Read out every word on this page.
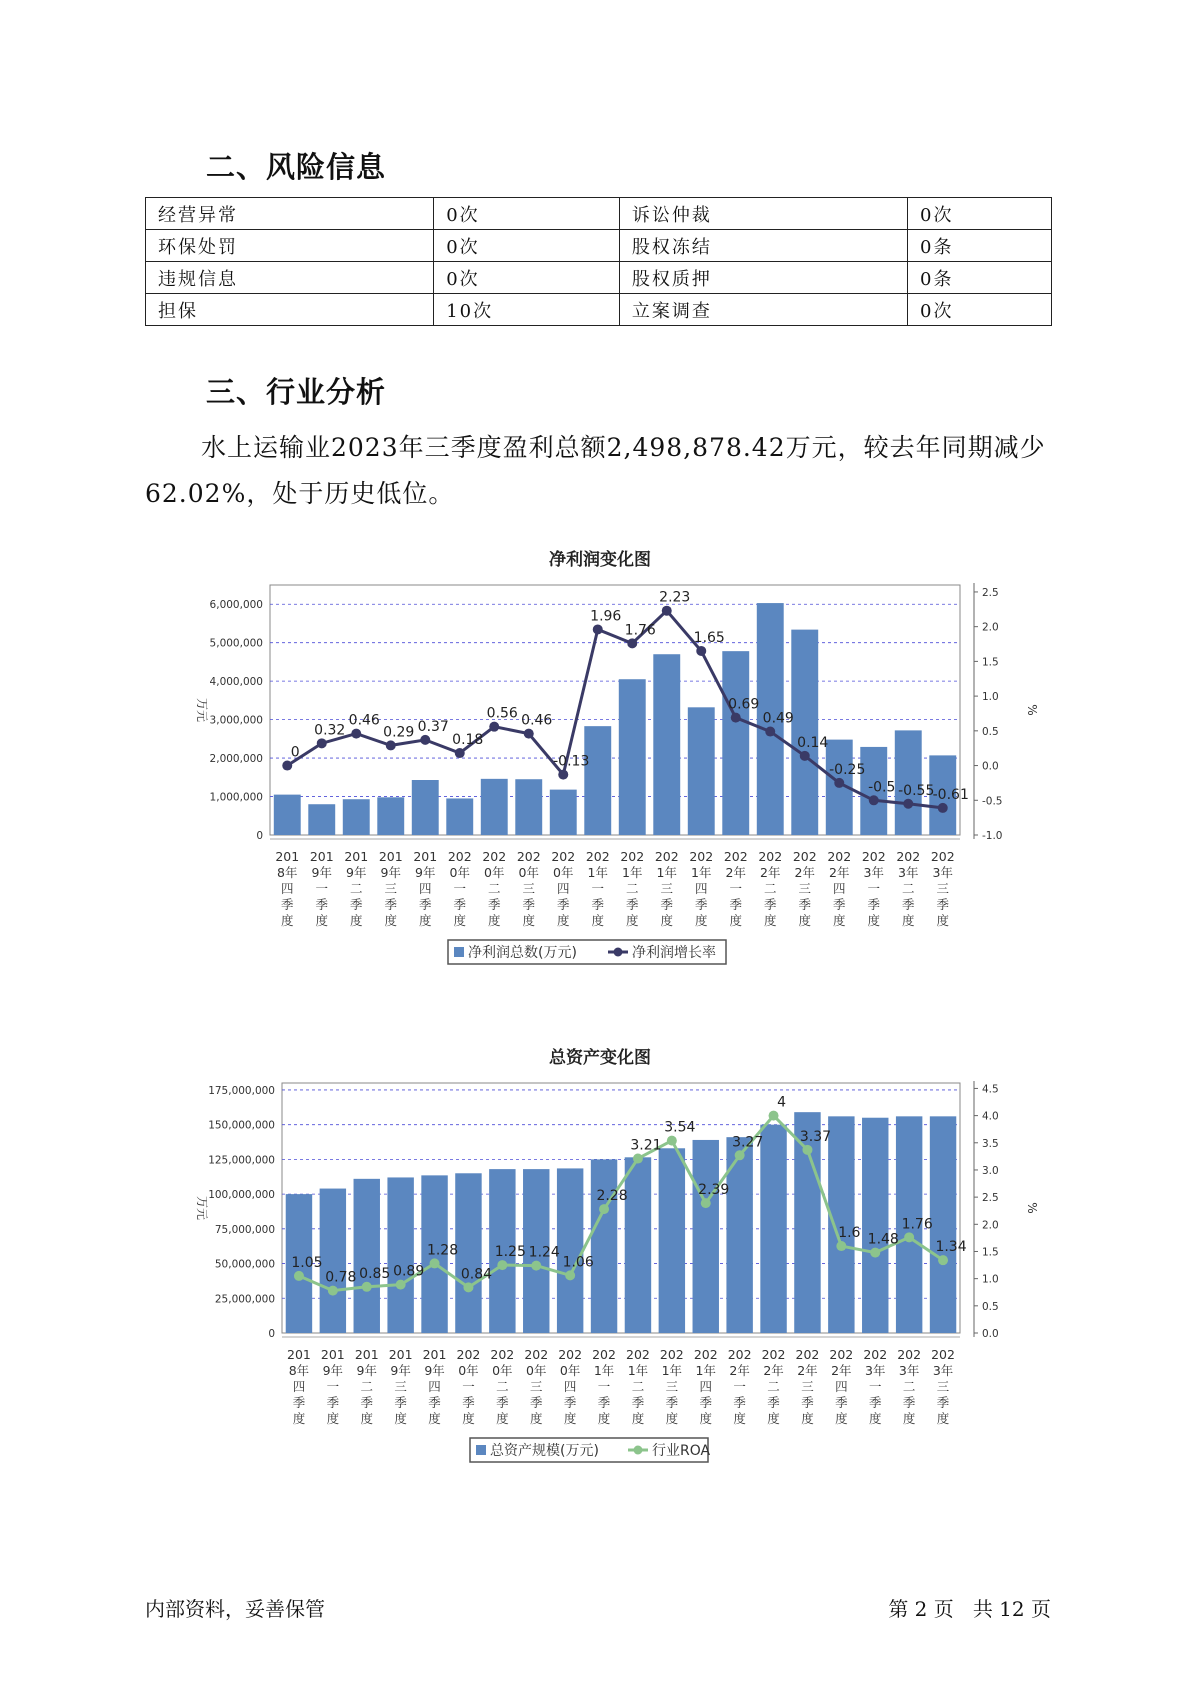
二、风险信息
经营异常	0次	诉讼仲裁	0次
环保处罚	0次	股权冻结	0条
违规信息	0次	股权质押	0条
担保	10次	立案调查	0次
三、行业分析
水上运输业2023年三季度盈利总额2,498,878.42万元，较去年同期减少62.02%，处于历史低位。
净利润变化图
0
1,000,000
2,000,000
3,000,000
4,000,000
5,000,000
6,000,000
-1.0
-0.5
0.0
0.5
1.0
1.5
2.0
2.5
万元	%
201 8年四季度
201 9年一季度
201 9年二季度
201 9年三季度
201 9年四季度
202 0年一季度
202 0年二季度
202 0年三季度
202 0年四季度
202 1年一季度
202 1年二季度
202 1年三季度
202 1年四季度
202 2年一季度
202 2年二季度
202 2年三季度
202 2年四季度
202 3年一季度
202 3年二季度
202 3年三季度
0
0.32
0.46
0.29 0.37
0.18
0.56 0.46
-0.13
1.96
1.76
2.23
1.65
0.69
0.49
0.14
-0.25
-0.5 -0.55
-0.61
净利润总数(万元)	净利润增长率
总资产变化图
0
25,000,000
50,000,000
75,000,000
100,000,000
125,000,000
150,000,000
175,000,000
0.0
0.5
1.0
1.5
2.0
2.5
3.0
3.5
4.0
4.5
万元	%
201 8年四季度
201 9年一季度
201 9年二季度
201 9年三季度
201 9年四季度
202 0年一季度
202 0年二季度
202 0年三季度
202 0年四季度
202 1年一季度
202 1年二季度
202 1年三季度
202 1年四季度
202 2年一季度
202 2年二季度
202 2年三季度
202 2年四季度
202 3年一季度
202 3年二季度
202 3年三季度
1.05
0.78 0.85 0.89
1.28
0.84
1.25 1.24
1.06
2.28
3.21
3.54
2.39
3.27
4
3.37
1.6 1.48
1.76
1.34
总资产规模(万元)	行业ROA
内部资料，妥善保管	第 2 页   共 12 页
